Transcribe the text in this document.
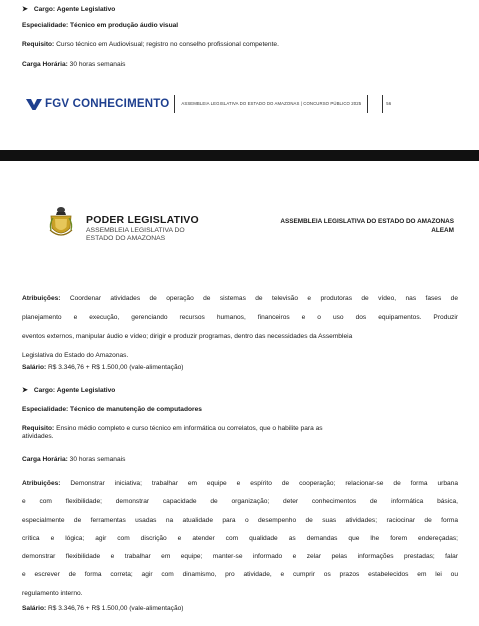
➤ Cargo: Agente Legislativo
Especialidade: Técnico em produção áudio visual
Requisito: Curso técnico em Audiovisual; registro no conselho profissional competente.
Carga Horária: 30 horas semanais
FGV CONHECIMENTO	ASSEMBLEIA LEGISLATIVA DO ESTADO DO AMAZONAS | CONCURSO PÚBLICO 2025	56
PODER LEGISLATIVO
ASSEMBLEIA LEGISLATIVA DO
ESTADO DO AMAZONAS
ASSEMBLEIA LEGISLATIVA DO ESTADO DO AMAZONAS
ALEAM

Atribuições: Coordenar atividades de operação de sistemas de televisão e produtoras de vídeo, nas fases de

planejamento e execução, gerenciando recursos humanos, financeiros e o uso dos equipamentos. Produzir

eventos externos, manipular áudio e vídeo; dirigir e produzir programas, dentro das necessidades da Assembleia

Legislativa do Estado do Amazonas.

Salário: R$ 3.346,76 + R$ 1.500,00 (vale-alimentação)
➤ Cargo: Agente Legislativo
Especialidade: Técnico de manutenção de computadores

Requisito: Ensino médio completo e curso técnico em informática ou correlatos, que o habilite para as

atividades.

Carga Horária: 30 horas semanais

Atribuições: Demonstrar iniciativa; trabalhar em equipe e espírito de cooperação; relacionar-se de forma urbana

e com flexibilidade; demonstrar capacidade de organização; deter conhecimentos de informática básica,

especialmente de ferramentas usadas na atualidade para o desempenho de suas atividades; raciocinar de forma

crítica e lógica; agir com discrição e atender com qualidade as demandas que lhe forem endereçadas;

demonstrar flexibilidade e trabalhar em equipe; manter-se informado e zelar pelas informações prestadas; falar

e escrever de forma correta; agir com dinamismo, pro atividade, e cumprir os prazos estabelecidos em lei ou

regulamento interno.

Salário: R$ 3.346,76 + R$ 1.500,00 (vale-alimentação)
